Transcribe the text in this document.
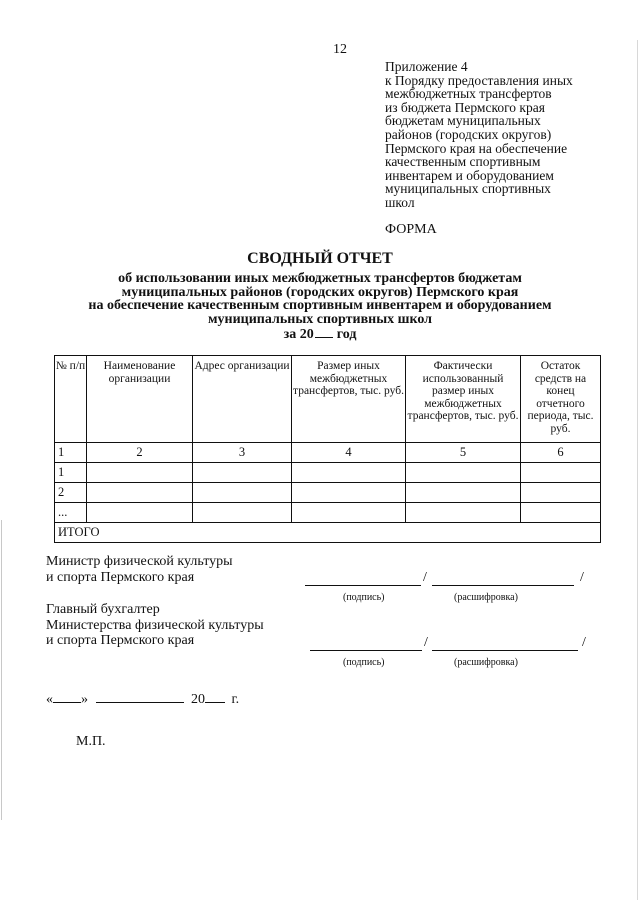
12
Приложение 4
к Порядку предоставления иных
межбюджетных трансфертов
из бюджета Пермского края
бюджетам муниципальных
районов (городских округов)
Пермского края на обеспечение
качественным спортивным
инвентарем и оборудованием
муниципальных спортивных
школ
ФОРМА
СВОДНЫЙ ОТЧЕТ
об использовании иных межбюджетных трансфертов бюджетам
муниципальных районов (городских округов) Пермского края
на обеспечение качественным спортивным инвентарем и оборудованием
муниципальных спортивных школ
за 20 год
№ п/п	Наименование организации	Адрес организации	Размер иных межбюджетных трансфертов, тыс. руб.	Фактически использованный размер иных межбюджетных трансфертов, тыс. руб.	Остаток средств на конец отчетного периода, тыс. руб.
1	2	3	4	5	6
1					
2					
...					
ИТОГО					
Министр физической культуры
и спорта Пермского края	/	/
(подпись)	(расшифровка)
Главный бухгалтер
Министерства физической культуры
и спорта Пермского края	/	/
(подпись)	(расшифровка)
« »	20 г.
М.П.
